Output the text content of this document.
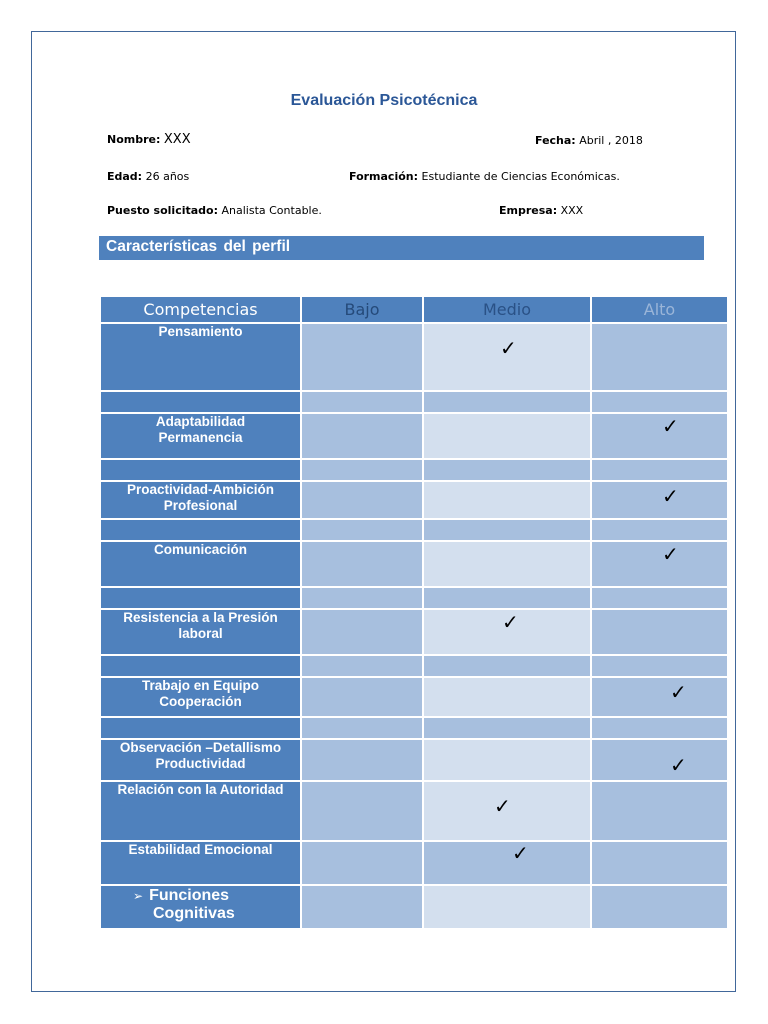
Evaluación Psicotécnica
Nombre: XXX	Fecha: Abril , 2018
Edad: 26 años	Formación: Estudiante de Ciencias Económicas.
Puesto solicitado: Analista Contable.	Empresa: XXX
Características del perfil
Competencias	Bajo	Medio	Alto

Pensamiento		✓	

Adaptabilidad
Permanencia			✓

Proactividad-Ambición
Profesional			✓

Comunicación			✓

Resistencia a la Presión
laboral		✓	

Trabajo en Equipo
Cooperación			✓

Observación –Detallismo
Productividad			✓

Relación con la Autoridad		✓	

Estabilidad Emocional		✓	

➢ Funciones
Cognitivas			
